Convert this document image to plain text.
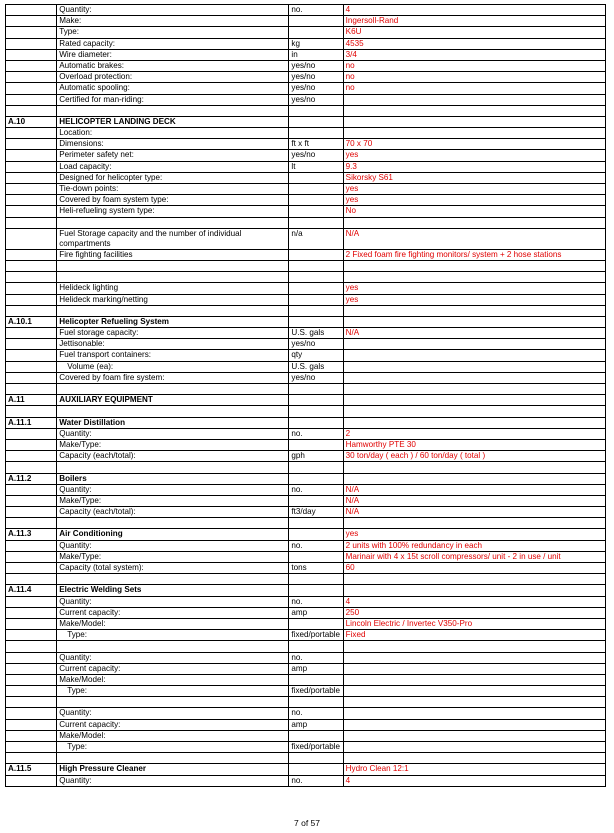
	Quantity:	no.	4
	Make:		Ingersoll-Rand
	Type:		K6U
	Rated capacity:	kg	4535
	Wire diameter:	in	3/4
	Automatic brakes:	yes/no	no
	Overload protection:	yes/no	no
	Automatic spooling:	yes/no	no
	Certified for man-riding:	yes/no	

A.10	HELICOPTER LANDING DECK		
	Location:		
	Dimensions:	ft x ft	70 x 70
	Perimeter safety net:	yes/no	yes
	Load capacity:	lt	9.3
	Designed for helicopter type:		Sikorsky S61
	Tie-down points:		yes
	Covered by foam system type:		yes
	Heli-refueling system type:		No

	Fuel Storage capacity and the number of individual compartments	n/a	N/A
	Fire fighting facilities		2 Fixed foam fire fighting monitors/ system + 2 hose stations

	Helideck lighting		yes
	Helideck marking/netting		yes

A.10.1	Helicopter Refueling System		
	Fuel storage capacity:	U.S. gals	N/A
	Jettisonable:	yes/no	
	Fuel transport containers:	qty	
	Volume (ea):	U.S. gals	
	Covered by foam fire system:	yes/no	

A.11	AUXILIARY EQUIPMENT		

A.11.1	Water Distillation		
	Quantity:	no.	2
	Make/Type:		Hamworthy PTE 30
	Capacity (each/total):	gph	30 ton/day ( each ) / 60 ton/day ( total )

A.11.2	Boilers		
	Quantity:	no.	N/A
	Make/Type:		N/A
	Capacity (each/total):	ft3/day	N/A

A.11.3	Air Conditioning		yes
	Quantity:	no.	2 units with 100% redundancy in each
	Make/Type:		Marinair with 4 x 15t scroll compressors/ unit - 2 in use / unit
	Capacity (total system):	tons	60

A.11.4	Electric Welding Sets		
	Quantity:	no.	4
	Current capacity:	amp	250
	Make/Model:		Lincoln Electric / Invertec V350-Pro
	Type:	fixed/portable	Fixed

	Quantity:	no.	
	Current capacity:	amp	
	Make/Model:		
	Type:	fixed/portable	

	Quantity:	no.	
	Current capacity:	amp	
	Make/Model:		
	Type:	fixed/portable	

A.11.5	High Pressure Cleaner		Hydro Clean 12:1
	Quantity:	no.	4
7 of 57
